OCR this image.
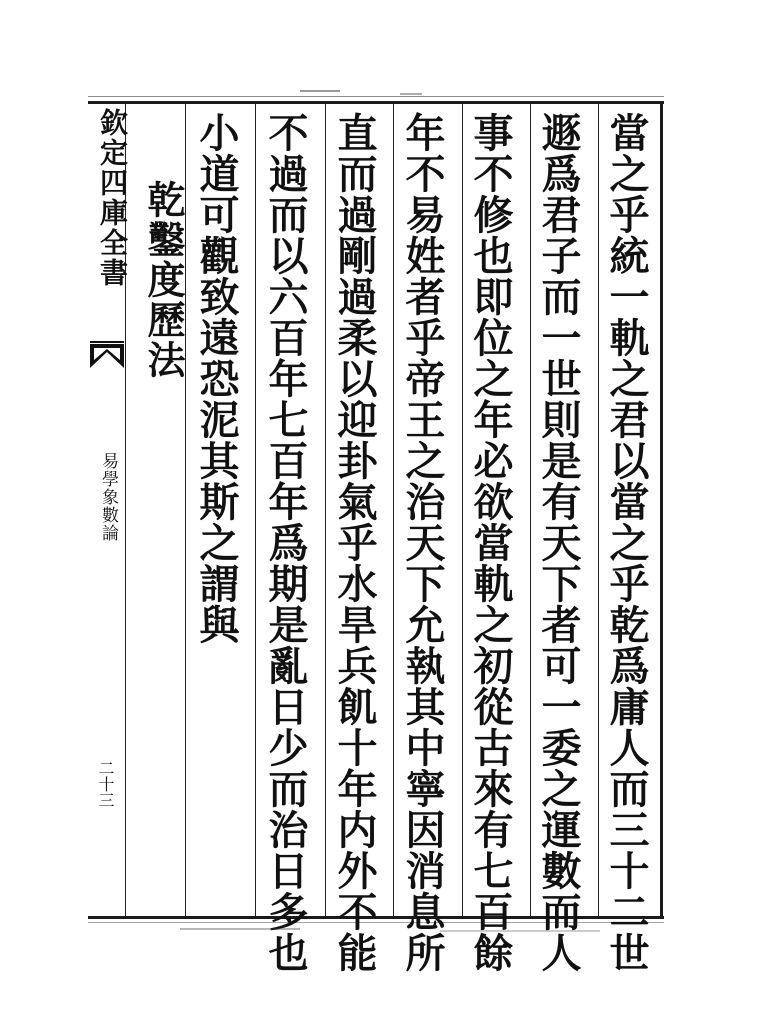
欽定四庫全書
易學象數論
二十三
乾鑿度歷法	當之乎統一軌之君以當之乎乾爲庸人而三十二世
遯爲君子而一世則是有天下者可一委之運數而人
事不修也即位之年必欲當軌之初從古來有七百餘
年不易姓者乎帝王之治天下允執其中寧因消息所
直而過剛過柔以迎卦氣乎水旱兵飢十年内外不能
不過而以六百年七百年爲期是亂日少而治日多也
小道可觀致遠恐泥其斯之謂與
